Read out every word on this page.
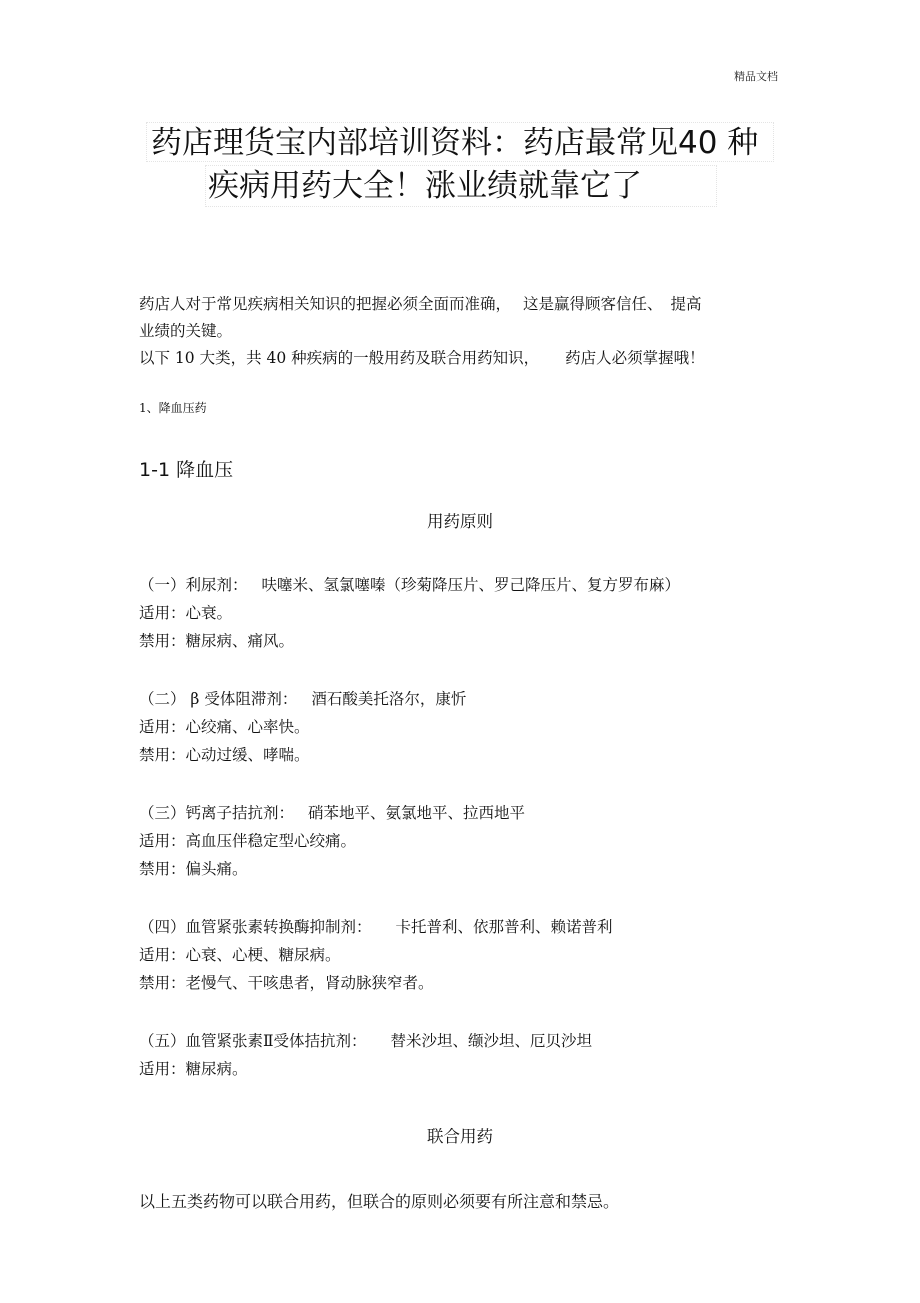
精品文档
药店理货宝内部培训资料：药店最常见40 种
疾病用药大全！涨业绩就靠它了
药店人对于常见疾病相关知识的把握必须全面而准确， 这是赢得顾客信任、 提高
业绩的关键。
以下 10 大类，共 40 种疾病的一般用药及联合用药知识， 药店人必须掌握哦！
1、降血压药
1-1 降血压
用药原则
（一）利尿剂： 呋噻米、氢氯噻嗪（珍菊降压片、罗己降压片、复方罗布麻）
适用：心衰。
禁用：糖尿病、痛风。
（二） β 受体阻滞剂： 酒石酸美托洛尔，康忻
适用：心绞痛、心率快。
禁用：心动过缓、哮喘。
（三）钙离子拮抗剂： 硝苯地平、氨氯地平、拉西地平
适用：高血压伴稳定型心绞痛。
禁用：偏头痛。
（四）血管紧张素转换酶抑制剂： 卡托普利、依那普利、赖诺普利
适用：心衰、心梗、糖尿病。
禁用：老慢气、干咳患者，肾动脉狭窄者。
（五）血管紧张素Ⅱ受体拮抗剂： 替米沙坦、缬沙坦、厄贝沙坦
适用：糖尿病。
联合用药
以上五类药物可以联合用药，但联合的原则必须要有所注意和禁忌。
